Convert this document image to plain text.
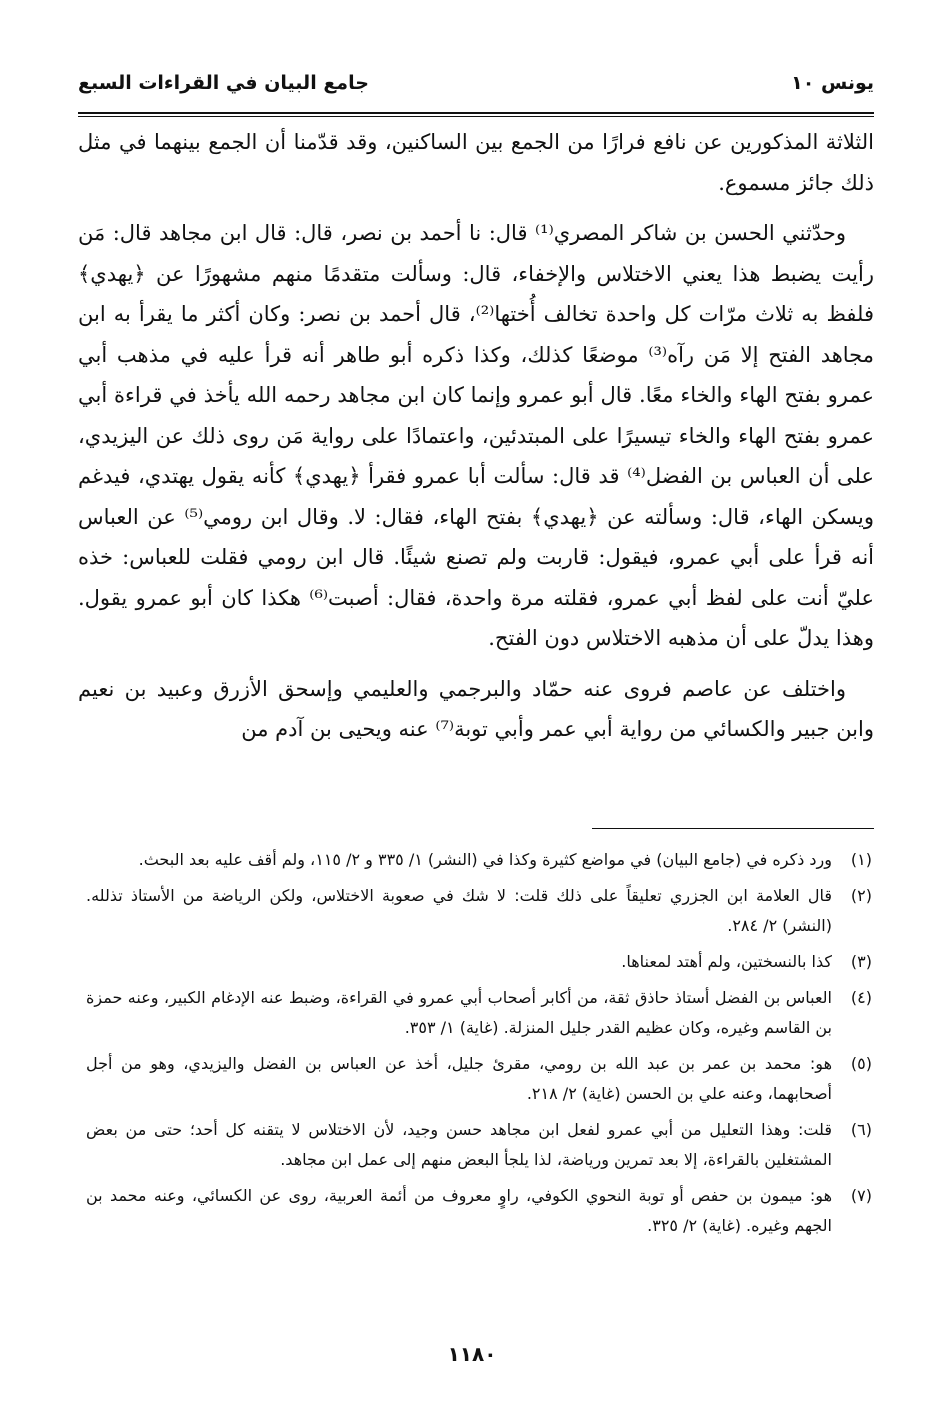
جامع البيان في القراءات السبع	يونس ١٠

الثلاثة المذكورين عن نافع فرارًا من الجمع بين الساكنين، وقد قدّمنا أن الجمع بينهما في مثل ذلك جائز مسموع.

وحدّثني الحسن بن شاكر المصري⁽¹⁾ قال: نا أحمد بن نصر، قال: قال ابن مجاهد قال: مَن رأيت يضبط هذا يعني الاختلاس والإخفاء، قال: وسألت متقدمًا منهم مشهورًا عن ﴿يهدي﴾ فلفظ به ثلاث مرّات كل واحدة تخالف أُختها⁽²⁾، قال أحمد بن نصر: وكان أكثر ما يقرأ به ابن مجاهد الفتح إلا مَن رآه⁽³⁾ موضعًا كذلك، وكذا ذكره أبو طاهر أنه قرأ عليه في مذهب أبي عمرو بفتح الهاء والخاء معًا. قال أبو عمرو وإنما كان ابن مجاهد رحمه الله يأخذ في قراءة أبي عمرو بفتح الهاء والخاء تيسيرًا على المبتدئين، واعتمادًا على رواية مَن روى ذلك عن اليزيدي، على أن العباس بن الفضل⁽⁴⁾ قد قال: سألت أبا عمرو فقرأ ﴿يهدي﴾ كأنه يقول يهتدي، فيدغم ويسكن الهاء، قال: وسألته عن ﴿يهدي﴾ بفتح الهاء، فقال: لا. وقال ابن رومي⁽⁵⁾ عن العباس أنه قرأ على أبي عمرو، فيقول: قاربت ولم تصنع شيئًا. قال ابن رومي فقلت للعباس: خذه عليّ أنت على لفظ أبي عمرو، فقلته مرة واحدة، فقال: أصبت⁽⁶⁾ هكذا كان أبو عمرو يقول. وهذا يدلّ على أن مذهبه الاختلاس دون الفتح.

واختلف عن عاصم فروى عنه حمّاد والبرجمي والعليمي وإسحق الأزرق وعبيد بن نعيم وابن جبير والكسائي من رواية أبي عمر وأبي توبة⁽⁷⁾ عنه ويحيى بن آدم من

(١)
ورد ذكره في (جامع البيان) في مواضع كثيرة وكذا في (النشر) ١/ ٣٣٥ و ٢/ ١١٥، ولم أقف عليه بعد البحث.
(٢)
قال العلامة ابن الجزري تعليقاً على ذلك قلت: لا شك في صعوبة الاختلاس، ولكن الرياضة من الأستاذ تذلله. (النشر) ٢/ ٢٨٤.
(٣)
كذا بالنسختين، ولم أهتد لمعناها.
(٤)
العباس بن الفضل أستاذ حاذق ثقة، من أكابر أصحاب أبي عمرو في القراءة، وضبط عنه الإدغام الكبير، وعنه حمزة بن القاسم وغيره، وكان عظيم القدر جليل المنزلة. (غاية) ١/ ٣٥٣.
(٥)
هو: محمد بن عمر بن عبد الله بن رومي، مقرئ جليل، أخذ عن العباس بن الفضل واليزيدي، وهو من أجل أصحابهما، وعنه علي بن الحسن (غاية) ٢/ ٢١٨.
(٦)
قلت: وهذا التعليل من أبي عمرو لفعل ابن مجاهد حسن وجيد، لأن الاختلاس لا يتقنه كل أحد؛ حتى من بعض المشتغلين بالقراءة، إلا بعد تمرين ورياضة، لذا يلجأ البعض منهم إلى عمل ابن مجاهد.
(٧)
هو: ميمون بن حفص أو توبة النحوي الكوفي، راوٍ معروف من أئمة العربية، روى عن الكسائي، وعنه محمد بن الجهم وغيره. (غاية) ٢/ ٣٢٥.
١١٨٠
